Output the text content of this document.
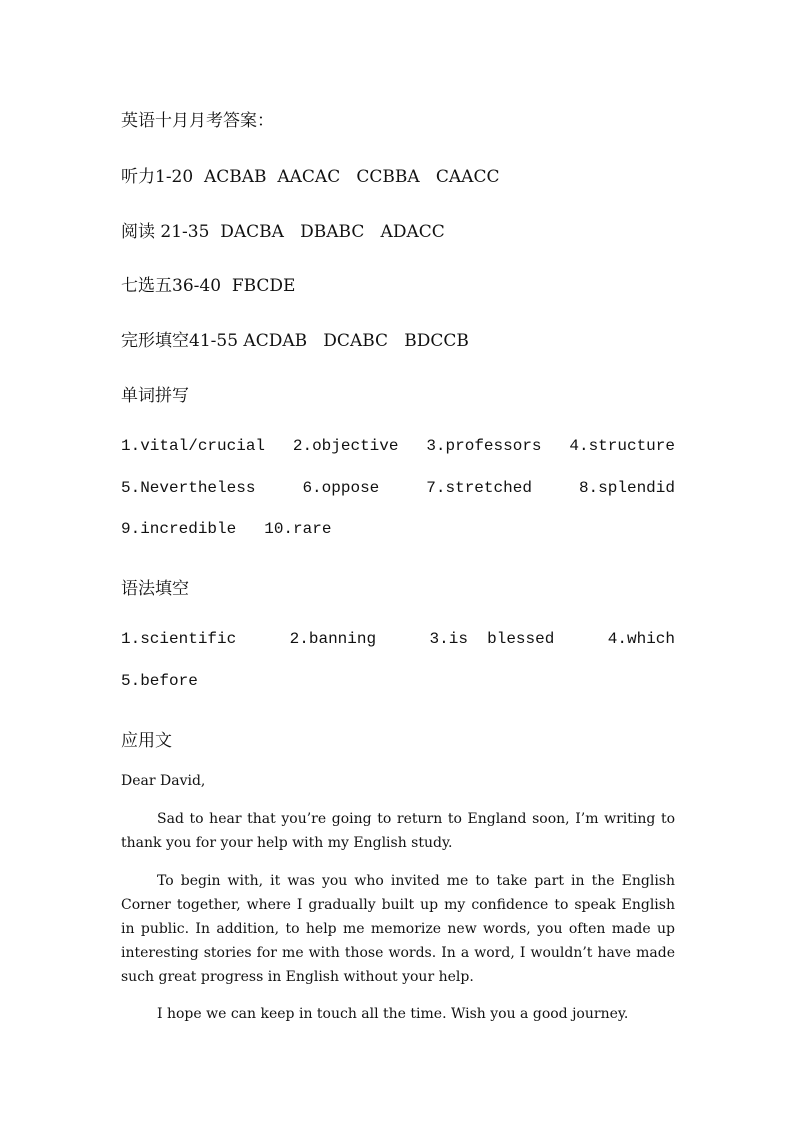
英语十月月考答案：
听力1-20  ACBAB  AACAC   CCBBA   CAACC
阅读 21-35  DACBA   DBABC   ADACC
七选五36-40  FBCDE
完形填空41-55 ACDAB   DCABC   BDCCB
单词拼写
1.vital/crucial 2.objective 3.professors 4.structure
5.Nevertheless	6.oppose	7.stretched	8.splendid
9.incredible 10.rare
语法填空
1.scientific	2.banning	3.is  blessed	4.which
5.before
应用文
Dear David,

Sad to hear that you’re going to return to England soon, I’m writing to thank you for your help with my English study.

To begin with, it was you who invited me to take part in the English Corner together, where I gradually built up my confidence to speak English in public. In addition, to help me memorize new words, you often made up interesting stories for me with those words. In a word, I wouldn’t have made such great progress in English without your help.

I hope we can keep in touch all the time. Wish you a good journey.
